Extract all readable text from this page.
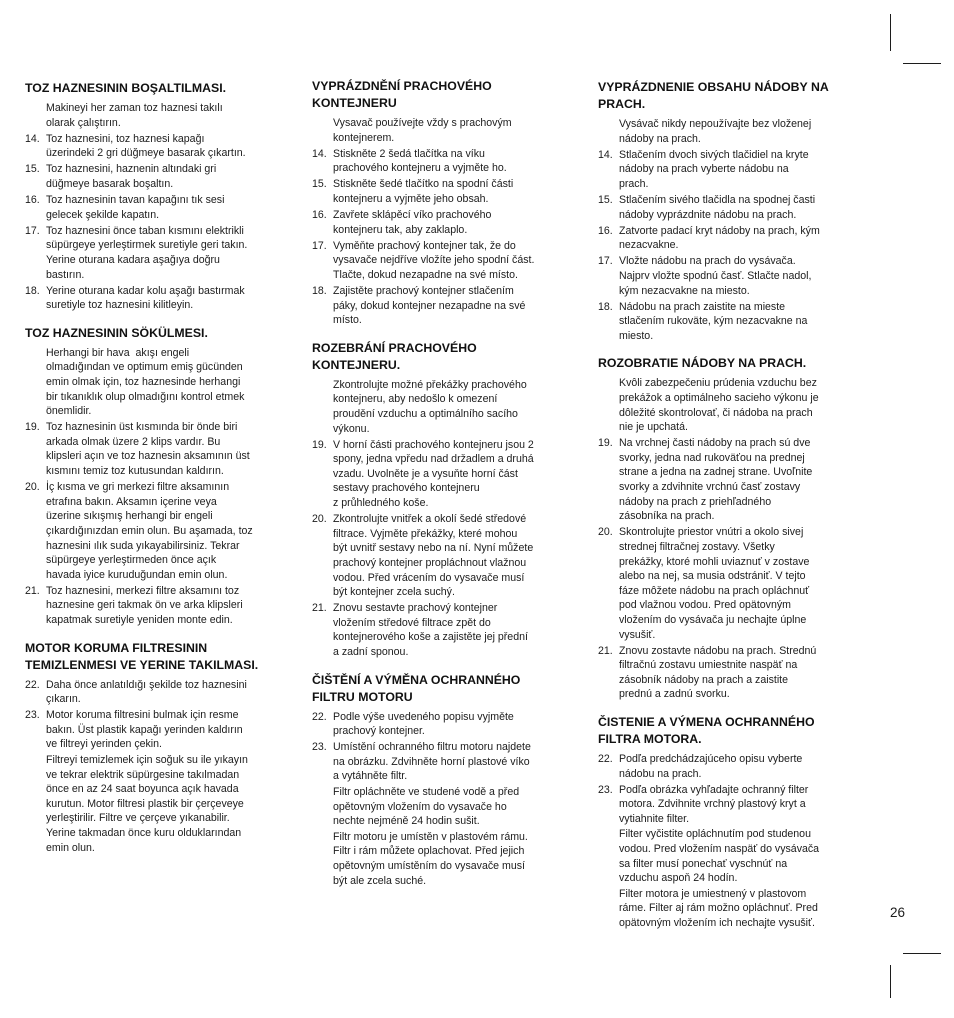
TOZ HAZNESININ BOŞALTILMASI.
Makineyi her zaman toz haznesi takılı
olarak çalıştırın.
14. Toz haznesini, toz haznesi kapağı
üzerindeki 2 gri düğmeye basarak çıkartın.
15. Toz haznesini, haznenin altındaki gri
düğmeye basarak boşaltın.
16. Toz haznesinin tavan kapağını tık sesi
gelecek şekilde kapatın.
17. Toz haznesini önce taban kısmını elektrikli
süpürgeye yerleştirmek suretiyle geri takın.
Yerine oturana kadara aşağıya doğru
bastırın.
18. Yerine oturana kadar kolu aşağı bastırmak
suretiyle toz haznesini kilitleyin.
TOZ HAZNESININ SÖKÜLMESI.
Herhangi bir hava  akışı engeli
olmadığından ve optimum emiş gücünden
emin olmak için, toz haznesinde herhangi
bir tıkanıklık olup olmadığını kontrol etmek
önemlidir.
19. Toz haznesinin üst kısmında bir önde biri
arkada olmak üzere 2 klips vardır. Bu
klipsleri açın ve toz haznesin aksamının üst
kısmını temiz toz kutusundan kaldırın.
20. İç kısma ve gri merkezi filtre aksamının
etrafına bakın. Aksamın içerine veya
üzerine sıkışmış herhangi bir engeli
çıkardığınızdan emin olun. Bu aşamada, toz
haznesini ılık suda yıkayabilirsiniz. Tekrar
süpürgeye yerleştirmeden önce açık
havada iyice kuruduğundan emin olun.
21. Toz haznesini, merkezi filtre aksamını toz
haznesine geri takmak ön ve arka klipsleri
kapatmak suretiyle yeniden monte edin.
MOTOR KORUMA FILTRESININ
TEMIZLENMESI VE YERINE TAKILMASI.
22. Daha önce anlatıldığı şekilde toz haznesini
çıkarın.
23. Motor koruma filtresini bulmak için resme
bakın. Üst plastik kapağı yerinden kaldırın
ve filtreyi yerinden çekin.
Filtreyi temizlemek için soğuk su ile yıkayın
ve tekrar elektrik süpürgesine takılmadan
önce en az 24 saat boyunca açık havada
kurutun. Motor filtresi plastik bir çerçeveye
yerleştirilir. Filtre ve çerçeve yıkanabilir.
Yerine takmadan önce kuru olduklarından
emin olun.
VYPRÁZDNĚNÍ PRACHOVÉHO
KONTEJNERU
Vysavač používejte vždy s prachovým
kontejnerem.
14. Stiskněte 2 šedá tlačítka na víku
prachového kontejneru a vyjměte ho.
15. Stiskněte šedé tlačítko na spodní části
kontejneru a vyjměte jeho obsah.
16. Zavřete sklápěcí víko prachového
kontejneru tak, aby zaklaplo.
17. Vyměňte prachový kontejner tak, že do
vysavače nejdříve vložíte jeho spodní část.
Tlačte, dokud nezapadne na své místo.
18. Zajistěte prachový kontejner stlačením
páky, dokud kontejner nezapadne na své
místo.
ROZEBRÁNÍ PRACHOVÉHO
KONTEJNERU.
Zkontrolujte možné překážky prachového
kontejneru, aby nedošlo k omezení
proudění vzduchu a optimálního sacího
výkonu.
19. V horní části prachového kontejneru jsou 2
spony, jedna vpředu nad držadlem a druhá
vzadu. Uvolněte je a vysuňte horní část
sestavy prachového kontejneru
z průhledného koše.
20. Zkontrolujte vnitřek a okolí šedé středové
filtrace. Vyjměte překážky, které mohou
být uvnitř sestavy nebo na ní. Nyní můžete
prachový kontejner propláchnout vlažnou
vodou. Před vrácením do vysavače musí
být kontejner zcela suchý.
21. Znovu sestavte prachový kontejner
vložením středové filtrace zpět do
kontejnerového koše a zajistěte jej přední
a zadní sponou.
ČIŠTĚNÍ A VÝMĚNA OCHRANNÉHO
FILTRU MOTORU
22. Podle výše uvedeného popisu vyjměte
prachový kontejner.
23. Umístění ochranného filtru motoru najdete
na obrázku. Zdvihněte horní plastové víko
a vytáhněte filtr.
Filtr opláchněte ve studené vodě a před
opětovným vložením do vysavače ho
nechte nejméně 24 hodin sušit.
Filtr motoru je umístěn v plastovém rámu.
Filtr i rám můžete oplachovat. Před jejich
opětovným umístěním do vysavače musí
být ale zcela suché.
VYPRÁZDNENIE OBSAHU NÁDOBY NA
PRACH.
Vysávač nikdy nepoužívajte bez vloženej
nádoby na prach.
14. Stlačením dvoch sivých tlačidiel na kryte
nádoby na prach vyberte nádobu na
prach.
15. Stlačením sivého tlačidla na spodnej časti
nádoby vyprázdnite nádobu na prach.
16. Zatvorte padací kryt nádoby na prach, kým
nezacvakne.
17. Vložte nádobu na prach do vysávača.
Najprv vložte spodnú časť. Stlačte nadol,
kým nezacvakne na miesto.
18. Nádobu na prach zaistite na mieste
stlačením rukoväte, kým nezacvakne na
miesto.
ROZOBRATIE NÁDOBY NA PRACH.
Kvôli zabezpečeniu prúdenia vzduchu bez
prekážok a optimálneho sacieho výkonu je
dôležité skontrolovať, či nádoba na prach
nie je upchatá.
19. Na vrchnej časti nádoby na prach sú dve
svorky, jedna nad rukoväťou na prednej
strane a jedna na zadnej strane. Uvoľnite
svorky a zdvihnite vrchnú časť zostavy
nádoby na prach z priehľadného
zásobníka na prach.
20. Skontrolujte priestor vnútri a okolo sivej
strednej filtračnej zostavy. Všetky
prekážky, ktoré mohli uviaznuť v zostave
alebo na nej, sa musia odstrániť. V tejto
fáze môžete nádobu na prach opláchnuť
pod vlažnou vodou. Pred opätovným
vložením do vysávača ju nechajte úplne
vysušiť.
21. Znovu zostavte nádobu na prach. Strednú
filtračnú zostavu umiestnite naspäť na
zásobník nádoby na prach a zaistite
prednú a zadnú svorku.
ČISTENIE A VÝMENA OCHRANNÉHO
FILTRA MOTORA.
22. Podľa predchádzajúceho opisu vyberte
nádobu na prach.
23. Podľa obrázka vyhľadajte ochranný filter
motora. Zdvihnite vrchný plastový kryt a
vytiahnite filter.
Filter vyčistite opláchnutím pod studenou
vodou. Pred vložením naspäť do vysávača
sa filter musí ponechať vyschnúť na
vzduchu aspoň 24 hodín.
Filter motora je umiestnený v plastovom
ráme. Filter aj rám možno opláchnuť. Pred
opätovným vložením ich nechajte vysušiť.
26
